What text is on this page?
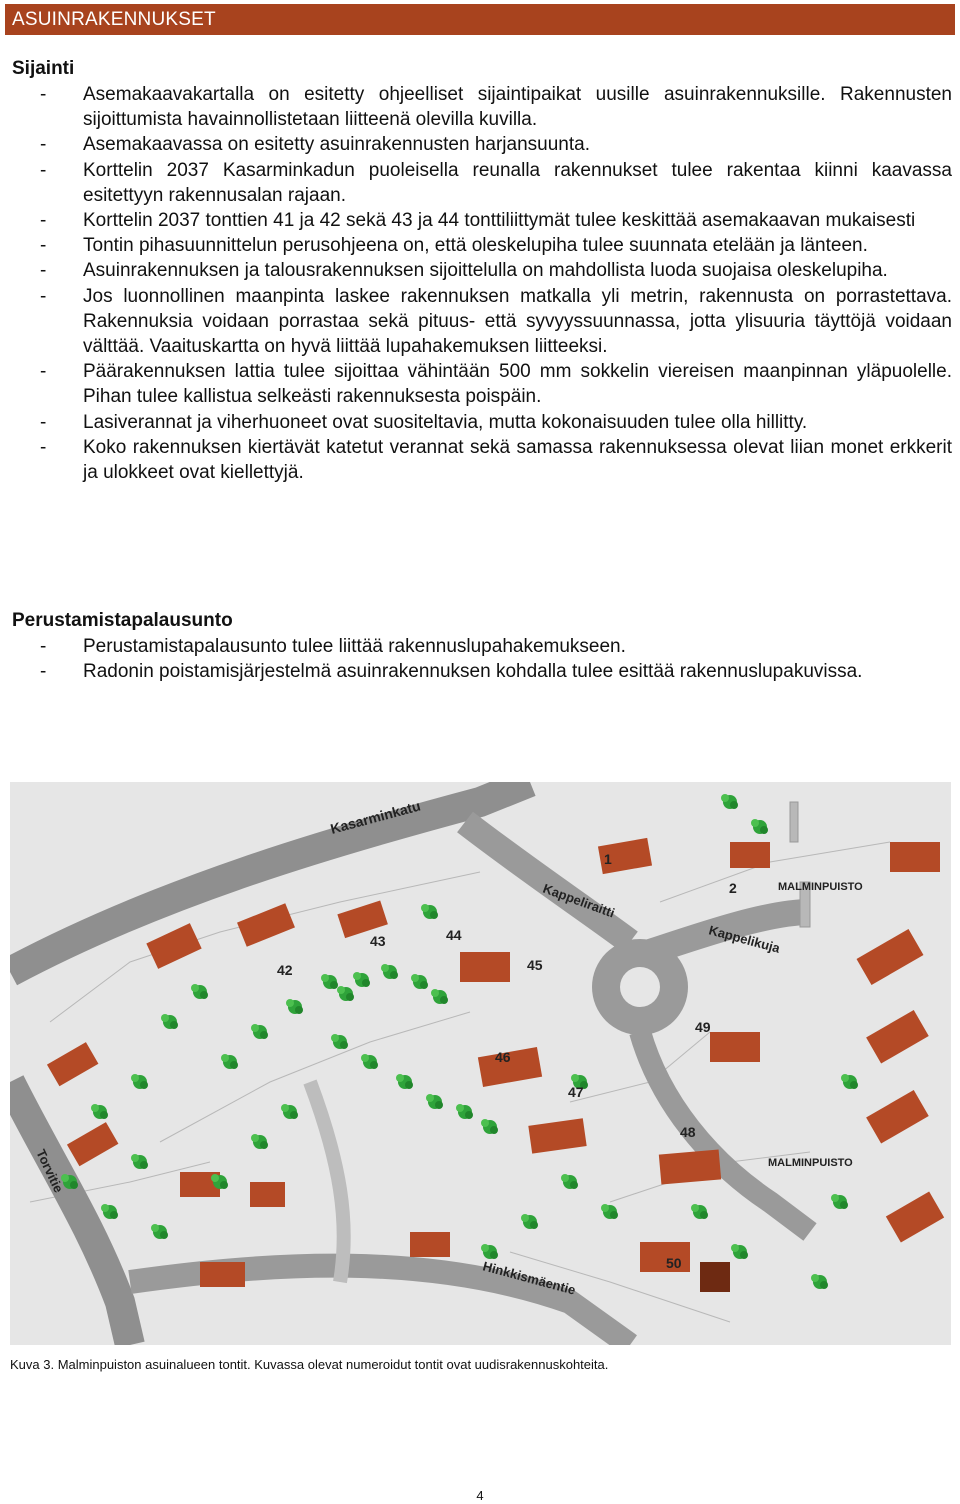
ASUINRAKENNUKSET
Sijainti
- Asemakaavakartalla on esitetty ohjeelliset sijaintipaikat uusille asuinrakennuksille. Rakennusten sijoittumista havainnollistetaan liitteenä olevilla kuvilla.
- Asemakaavassa on esitetty asuinrakennusten harjansuunta.
- Korttelin 2037 Kasarminkadun puoleisella reunalla rakennukset tulee rakentaa kiinni kaavassa esitettyyn rakennusalan rajaan.
- Korttelin 2037 tonttien 41 ja 42 sekä 43 ja 44 tonttiliittymät tulee keskittää asemakaavan mukaisesti
- Tontin pihasuunnittelun perusohjeena on, että oleskelupiha tulee suunnata etelään ja länteen.
- Asuinrakennuksen ja talousrakennuksen sijoittelulla on mahdollista luoda suojaisa oleskelupiha.
- Jos luonnollinen maanpinta laskee rakennuksen matkalla yli metrin, rakennusta on porrastettava. Rakennuksia voidaan porrastaa sekä pituus- että syvyyssuunnassa, jotta ylisuuria täyttöjä voidaan välttää. Vaaituskartta on hyvä liittää lupahakemuksen liitteeksi.
- Päärakennuksen lattia tulee sijoittaa vähintään 500 mm sokkelin viereisen maanpinnan yläpuolelle. Pihan tulee kallistua selkeästi rakennuksesta poispäin.
- Lasiverannat ja viherhuoneet ovat suositeltavia, mutta kokonaisuuden tulee olla hillitty.
- Koko rakennuksen kiertävät katetut verannat sekä samassa rakennuksessa olevat liian monet erkkerit ja ulokkeet ovat kiellettyjä.
Perustamistapalausunto
- Perustamistapalausunto tulee liittää rakennuslupahakemukseen.
- Radonin poistamisjärjestelmä asuinrakennuksen kohdalla tulee esittää rakennuslupakuvissa.
Kasarminkatu
Kappeliraitti
Kappelikuja
Torvitie
Hinkkismäentie
MALMINPUISTO
MALMINPUISTO
1
2
42
43	44
45
46
47
48
49
50
Kuva 3. Malminpuiston asuinalueen tontit. Kuvassa olevat numeroidut tontit ovat uudisrakennuskohteita.
4
